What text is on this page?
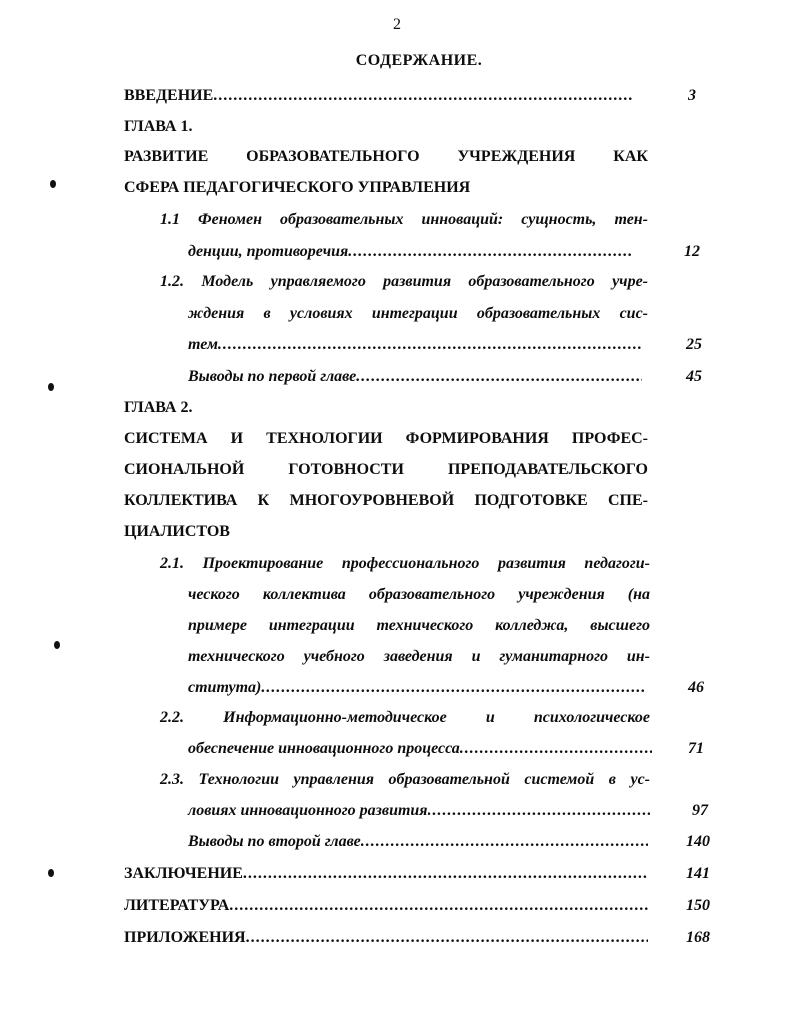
2
СОДЕРЖАНИЕ.
ВВЕДЕНИЕ .....	3
ГЛАВА 1.
РАЗВИТИЕ ОБРАЗОВАТЕЛЬНОГО УЧРЕЖДЕНИЯ КАК
СФЕРА ПЕДАГОГИЧЕСКОГО УПРАВЛЕНИЯ
1.1 Феномен образовательных инноваций: сущность, тен-
денции, противоречия .....	12
1.2. Модель управляемого развития образовательного учре-
ждения в условиях интеграции образовательных сис-
тем .....	25
Выводы по первой главе .....	45
ГЛАВА 2.
СИСТЕМА И ТЕХНОЛОГИИ ФОРМИРОВАНИЯ ПРОФЕС-
СИОНАЛЬНОЙ ГОТОВНОСТИ ПРЕПОДАВАТЕЛЬСКОГО
КОЛЛЕКТИВА К МНОГОУРОВНЕВОЙ ПОДГОТОВКЕ СПЕ-
ЦИАЛИСТОВ
2.1. Проектирование профессионального развития педагоги-
ческого коллектива образовательного учреждения (на
примере интеграции технического колледжа, высшего
технического учебного заведения и гуманитарного ин-
ститута) .....	46
2.2. Информационно-методическое и психологическое
обеспечение инновационного процесса .....	71
2.3. Технологии управления образовательной системой в ус-
ловиях инновационного развития .....	97
Выводы по второй главе .....	140
ЗАКЛЮЧЕНИЕ .....	141
ЛИТЕРАТУРА .....	150
ПРИЛОЖЕНИЯ .....	168
